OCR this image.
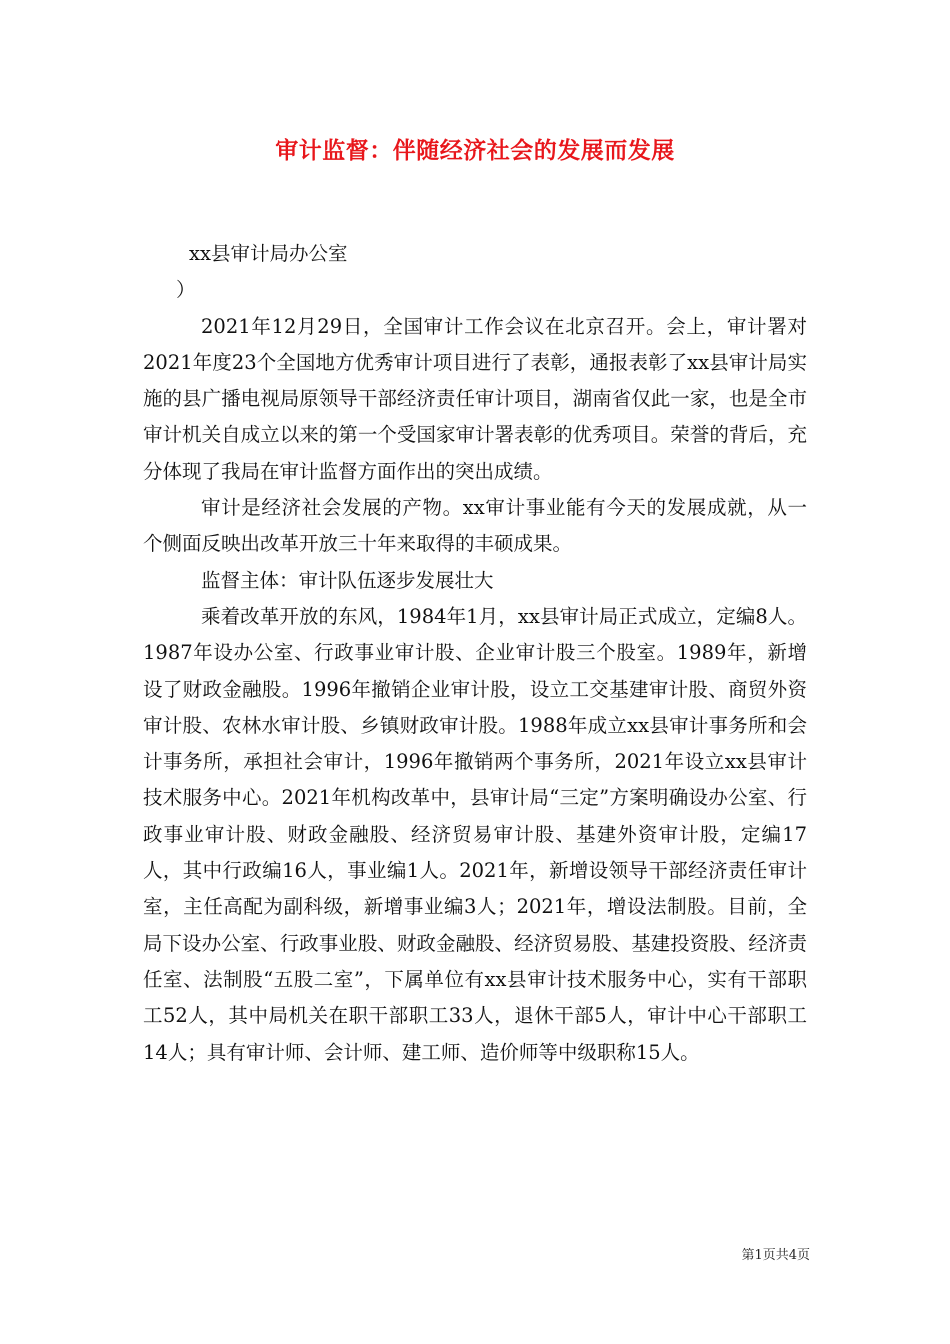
审计监督：伴随经济社会的发展而发展

xx县审计局办公室

）

2021年12月29日，全国审计工作会议在北京召开。会上，审计署对2021年度23个全国地方优秀审计项目进行了表彰，通报表彰了xx县审计局实施的县广播电视局原领导干部经济责任审计项目，湖南省仅此一家，也是全市审计机关自成立以来的第一个受国家审计署表彰的优秀项目。荣誉的背后，充分体现了我局在审计监督方面作出的突出成绩。

审计是经济社会发展的产物。xx审计事业能有今天的发展成就，从一个侧面反映出改革开放三十年来取得的丰硕成果。

监督主体：审计队伍逐步发展壮大

乘着改革开放的东风，1984年1月，xx县审计局正式成立，定编8人。1987年设办公室、行政事业审计股、企业审计股三个股室。1989年，新增设了财政金融股。1996年撤销企业审计股，设立工交基建审计股、商贸外资审计股、农林水审计股、乡镇财政审计股。1988年成立xx县审计事务所和会计事务所，承担社会审计，1996年撤销两个事务所，2021年设立xx县审计技术服务中心。2021年机构改革中，县审计局“三定”方案明确设办公室、行政事业审计股、财政金融股、经济贸易审计股、基建外资审计股，定编17人，其中行政编16人，事业编1人。2021年，新增设领导干部经济责任审计室，主任高配为副科级，新增事业编3人；2021年，增设法制股。目前，全局下设办公室、行政事业股、财政金融股、经济贸易股、基建投资股、经济责任室、法制股“五股二室”，下属单位有xx县审计技术服务中心，实有干部职工52人，其中局机关在职干部职工33人，退休干部5人，审计中心干部职工14人；具有审计师、会计师、建工师、造价师等中级职称15人。

第1页共4页
